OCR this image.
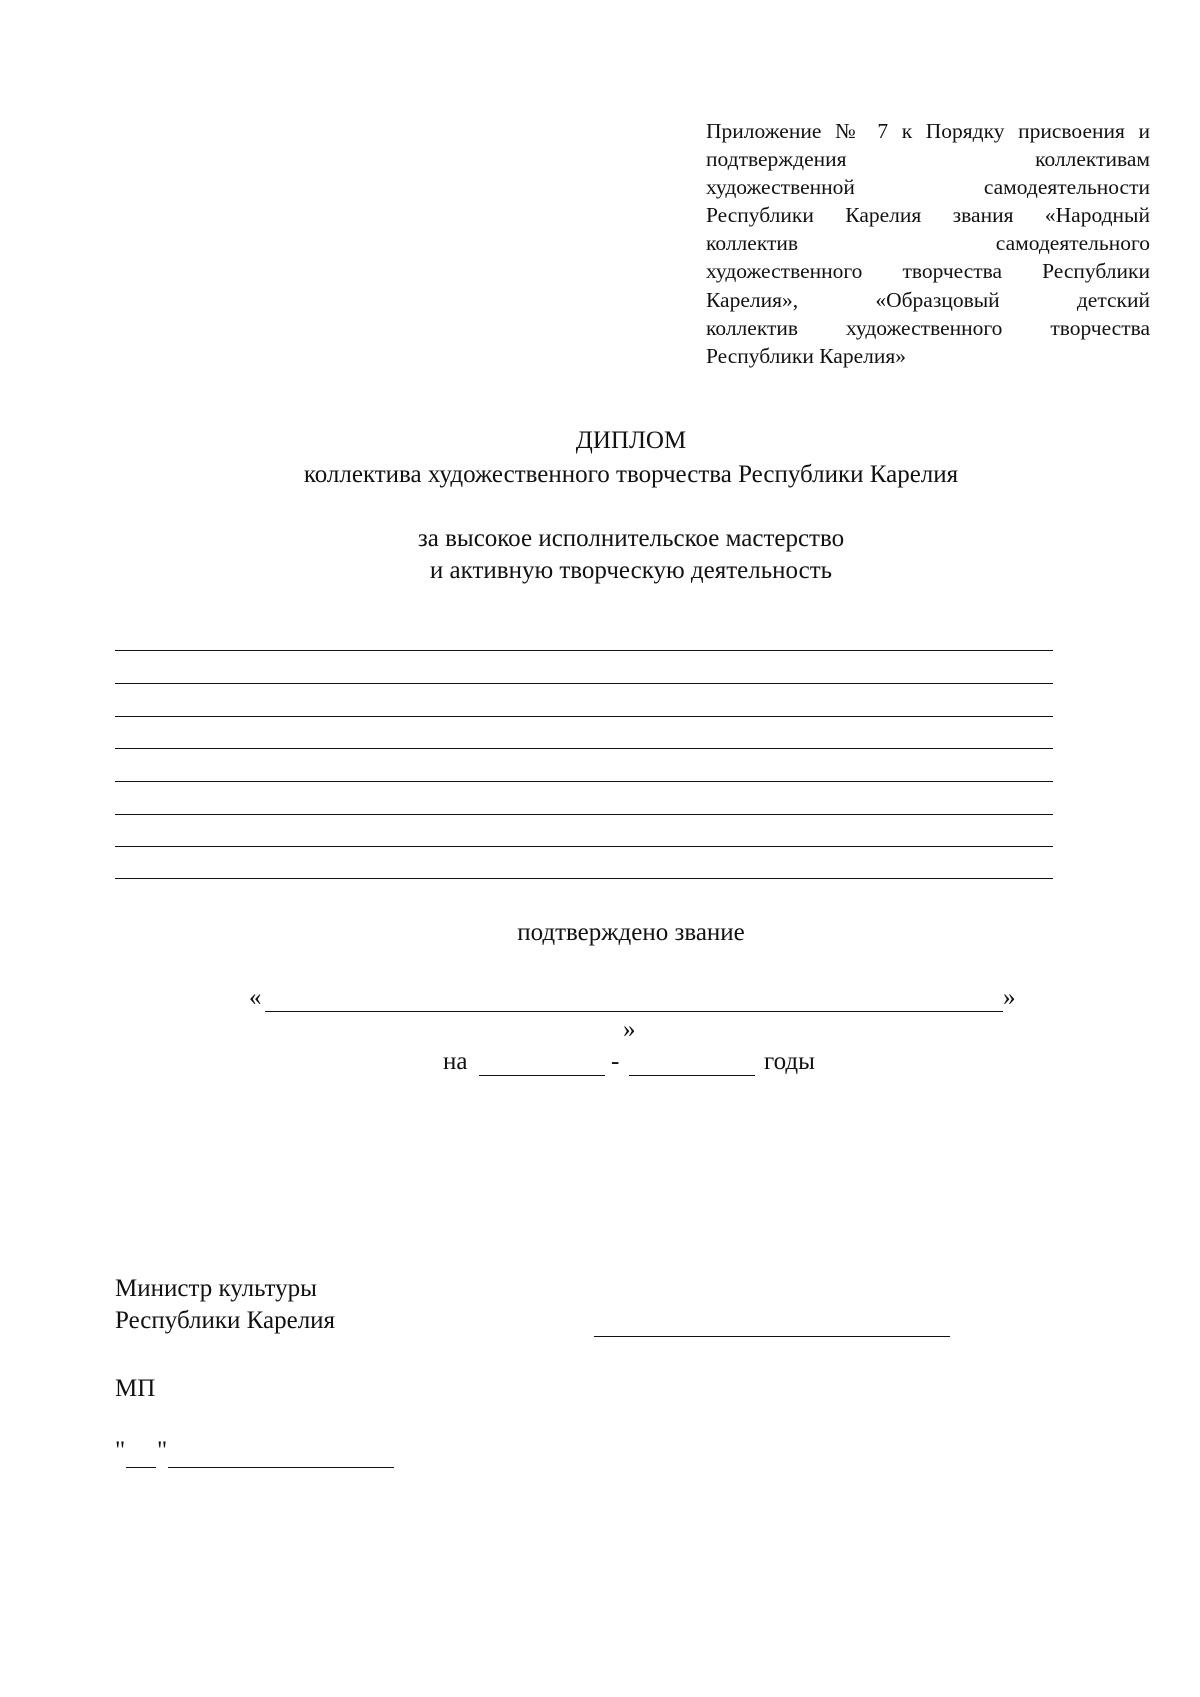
Приложение № 7 к Порядку присвоения и
подтверждения коллективам
художественной самодеятельности
Республики Карелия звания «Народный
коллектив самодеятельного
художественного творчества Республики
Карелия», «Образцовый детский
коллектив художественного творчества
Республики Карелия»
ДИПЛОМ
коллектива художественного творчества Республики Карелия
за высокое исполнительское мастерство
и активную творческую деятельность
подтверждено звание
«	»
»
на	-	годы
Министр культуры
Республики Карелия
МП
" "
